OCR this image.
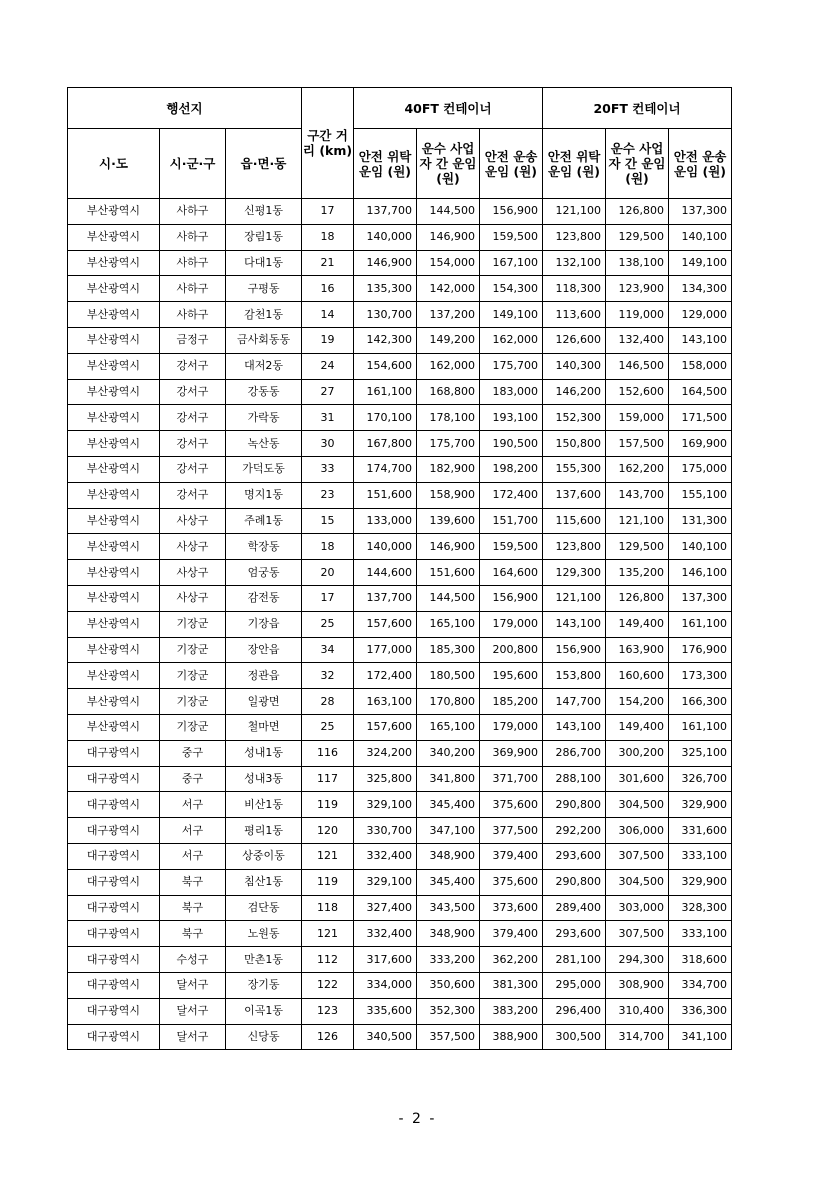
행선지			구간 거리 (km)	40FT 컨테이너			20FT 컨테이너		
시·도	시·군·구	읍·면·동		안전 위탁 운임 (원)	운수 사업자 간 운임 (원)	안전 운송 운임 (원)	안전 위탁 운임 (원)	운수 사업자 간 운임 (원)	안전 운송 운임 (원)
부산광역시	사하구	신평1동	17	137,700	144,500	156,900	121,100	126,800	137,300
부산광역시	사하구	장림1동	18	140,000	146,900	159,500	123,800	129,500	140,100
부산광역시	사하구	다대1동	21	146,900	154,000	167,100	132,100	138,100	149,100
부산광역시	사하구	구평동	16	135,300	142,000	154,300	118,300	123,900	134,300
부산광역시	사하구	감천1동	14	130,700	137,200	149,100	113,600	119,000	129,000
부산광역시	금정구	금사회동동	19	142,300	149,200	162,000	126,600	132,400	143,100
부산광역시	강서구	대저2동	24	154,600	162,000	175,700	140,300	146,500	158,000
부산광역시	강서구	강동동	27	161,100	168,800	183,000	146,200	152,600	164,500
부산광역시	강서구	가락동	31	170,100	178,100	193,100	152,300	159,000	171,500
부산광역시	강서구	녹산동	30	167,800	175,700	190,500	150,800	157,500	169,900
부산광역시	강서구	가덕도동	33	174,700	182,900	198,200	155,300	162,200	175,000
부산광역시	강서구	명지1동	23	151,600	158,900	172,400	137,600	143,700	155,100
부산광역시	사상구	주례1동	15	133,000	139,600	151,700	115,600	121,100	131,300
부산광역시	사상구	학장동	18	140,000	146,900	159,500	123,800	129,500	140,100
부산광역시	사상구	엄궁동	20	144,600	151,600	164,600	129,300	135,200	146,100
부산광역시	사상구	감전동	17	137,700	144,500	156,900	121,100	126,800	137,300
부산광역시	기장군	기장읍	25	157,600	165,100	179,000	143,100	149,400	161,100
부산광역시	기장군	장안읍	34	177,000	185,300	200,800	156,900	163,900	176,900
부산광역시	기장군	정관읍	32	172,400	180,500	195,600	153,800	160,600	173,300
부산광역시	기장군	일광면	28	163,100	170,800	185,200	147,700	154,200	166,300
부산광역시	기장군	철마면	25	157,600	165,100	179,000	143,100	149,400	161,100
대구광역시	중구	성내1동	116	324,200	340,200	369,900	286,700	300,200	325,100
대구광역시	중구	성내3동	117	325,800	341,800	371,700	288,100	301,600	326,700
대구광역시	서구	비산1동	119	329,100	345,400	375,600	290,800	304,500	329,900
대구광역시	서구	평리1동	120	330,700	347,100	377,500	292,200	306,000	331,600
대구광역시	서구	상중이동	121	332,400	348,900	379,400	293,600	307,500	333,100
대구광역시	북구	침산1동	119	329,100	345,400	375,600	290,800	304,500	329,900
대구광역시	북구	검단동	118	327,400	343,500	373,600	289,400	303,000	328,300
대구광역시	북구	노원동	121	332,400	348,900	379,400	293,600	307,500	333,100
대구광역시	수성구	만촌1동	112	317,600	333,200	362,200	281,100	294,300	318,600
대구광역시	달서구	장기동	122	334,000	350,600	381,300	295,000	308,900	334,700
대구광역시	달서구	이곡1동	123	335,600	352,300	383,200	296,400	310,400	336,300
대구광역시	달서구	신당동	126	340,500	357,500	388,900	300,500	314,700	341,100
- 2 -
